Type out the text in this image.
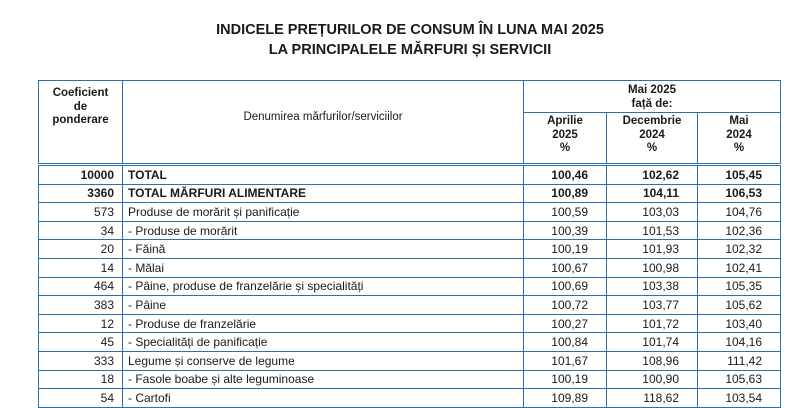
INDICELE PREȚURILOR DE CONSUM ÎN LUNA MAI 2025
LA PRINCIPALELE MĂRFURI ȘI SERVICII
Coeficient
de
ponderare	Denumirea mărfurilor/serviciilor	Mai 2025
față de:		

		Aprilie
2025
%	Decembrie
2024
%	Mai
2024
%

10000	TOTAL	100,46	102,62	105,45
3360	TOTAL MĂRFURI ALIMENTARE	100,89	104,11	106,53
573	Produse de morărit și panificație	100,59	103,03	104,76
34	- Produse de morărit	100,39	101,53	102,36
20	- Făină	100,19	101,93	102,32
14	- Mălai	100,67	100,98	102,41
464	- Pâine, produse de franzelărie și specialități	100,69	103,38	105,35
383	- Pâine	100,72	103,77	105,62
12	- Produse de franzelărie	100,27	101,72	103,40
45	- Specialități de panificație	100,84	101,74	104,16
333	Legume și conserve de legume	101,67	108,96	111,42
18	- Fasole boabe și alte leguminoase	100,19	100,90	105,63
54	- Cartofi	109,89	118,62	103,54
